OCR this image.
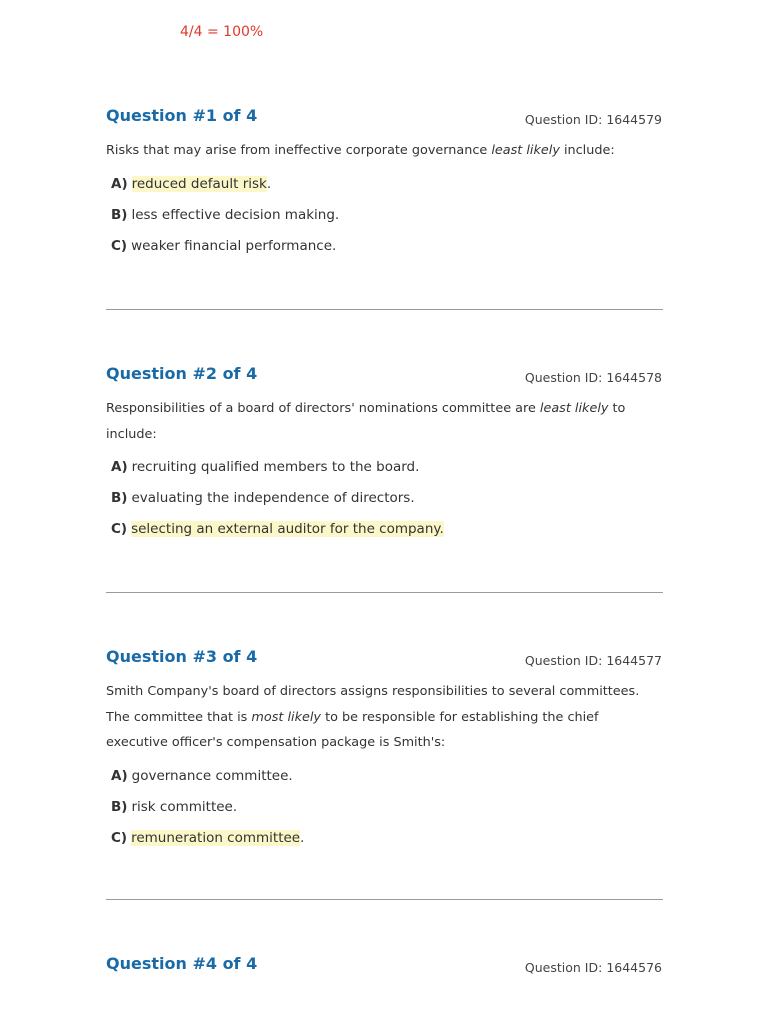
4/4 = 100%
Question #1 of 4	Question ID: 1644579
Risks that may arise from ineffective corporate governance least likely include:
A) reduced default risk.
B) less effective decision making.
C) weaker financial performance.
Question #2 of 4	Question ID: 1644578
Responsibilities of a board of directors' nominations committee are least likely to include:
A) recruiting qualified members to the board.
B) evaluating the independence of directors.
C) selecting an external auditor for the company.
Question #3 of 4	Question ID: 1644577
Smith Company's board of directors assigns responsibilities to several committees. The committee that is most likely to be responsible for establishing the chief executive officer's compensation package is Smith's:
A) governance committee.
B) risk committee.
C) remuneration committee.
Question #4 of 4	Question ID: 1644576
